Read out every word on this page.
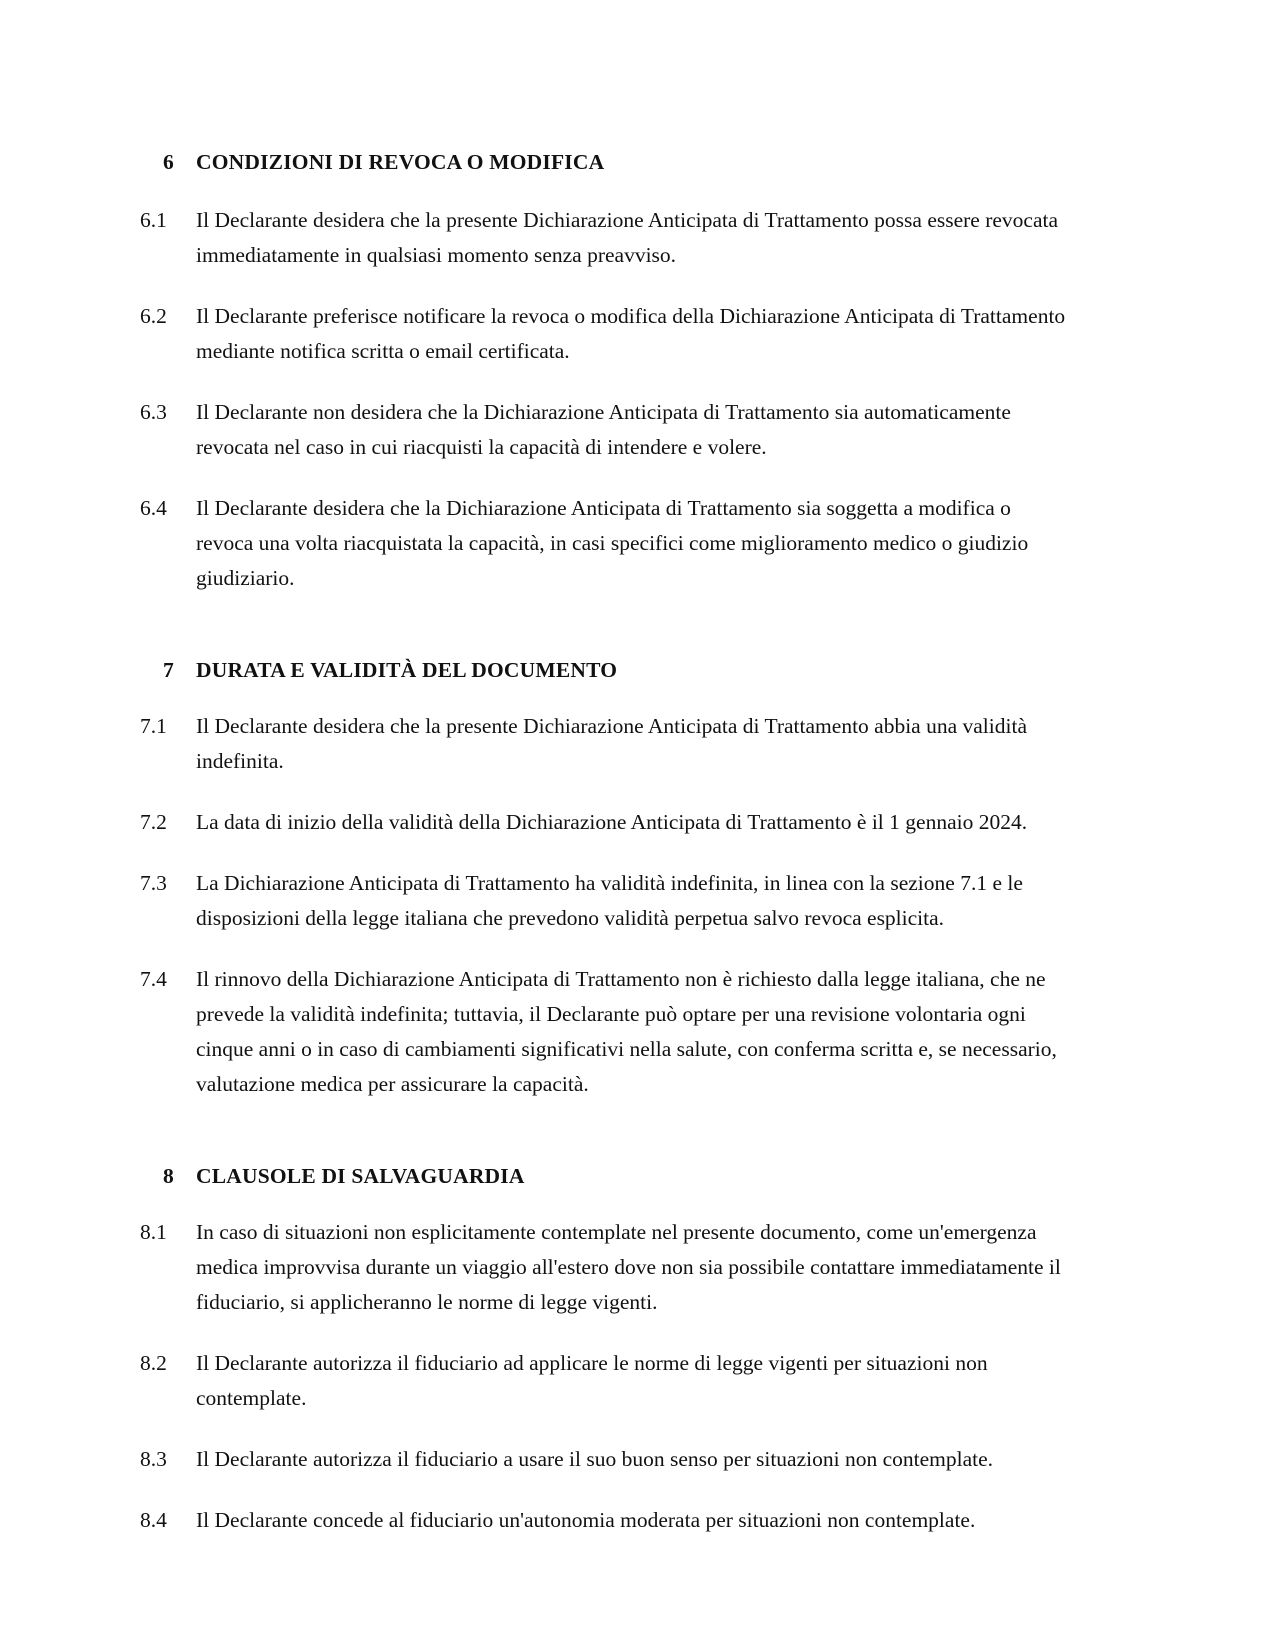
6	CONDIZIONI DI REVOCA O MODIFICA
6.1	Il Declarante desidera che la presente Dichiarazione Anticipata di Trattamento possa essere revocata immediatamente in qualsiasi momento senza preavviso.
6.2	Il Declarante preferisce notificare la revoca o modifica della Dichiarazione Anticipata di Trattamento mediante notifica scritta o email certificata.
6.3	Il Declarante non desidera che la Dichiarazione Anticipata di Trattamento sia automaticamente revocata nel caso in cui riacquisti la capacità di intendere e volere.
6.4	Il Declarante desidera che la Dichiarazione Anticipata di Trattamento sia soggetta a modifica o revoca una volta riacquistata la capacità, in casi specifici come miglioramento medico o giudizio giudiziario.
7	DURATA E VALIDITÀ DEL DOCUMENTO
7.1	Il Declarante desidera che la presente Dichiarazione Anticipata di Trattamento abbia una validità indefinita.
7.2	La data di inizio della validità della Dichiarazione Anticipata di Trattamento è il 1 gennaio 2024.
7.3	La Dichiarazione Anticipata di Trattamento ha validità indefinita, in linea con la sezione 7.1 e le disposizioni della legge italiana che prevedono validità perpetua salvo revoca esplicita.
7.4	Il rinnovo della Dichiarazione Anticipata di Trattamento non è richiesto dalla legge italiana, che ne prevede la validità indefinita; tuttavia, il Declarante può optare per una revisione volontaria ogni cinque anni o in caso di cambiamenti significativi nella salute, con conferma scritta e, se necessario, valutazione medica per assicurare la capacità.
8	CLAUSOLE DI SALVAGUARDIA
8.1	In caso di situazioni non esplicitamente contemplate nel presente documento, come un'emergenza medica improvvisa durante un viaggio all'estero dove non sia possibile contattare immediatamente il fiduciario, si applicheranno le norme di legge vigenti.
8.2	Il Declarante autorizza il fiduciario ad applicare le norme di legge vigenti per situazioni non contemplate.
8.3	Il Declarante autorizza il fiduciario a usare il suo buon senso per situazioni non contemplate.
8.4	Il Declarante concede al fiduciario un'autonomia moderata per situazioni non contemplate.
